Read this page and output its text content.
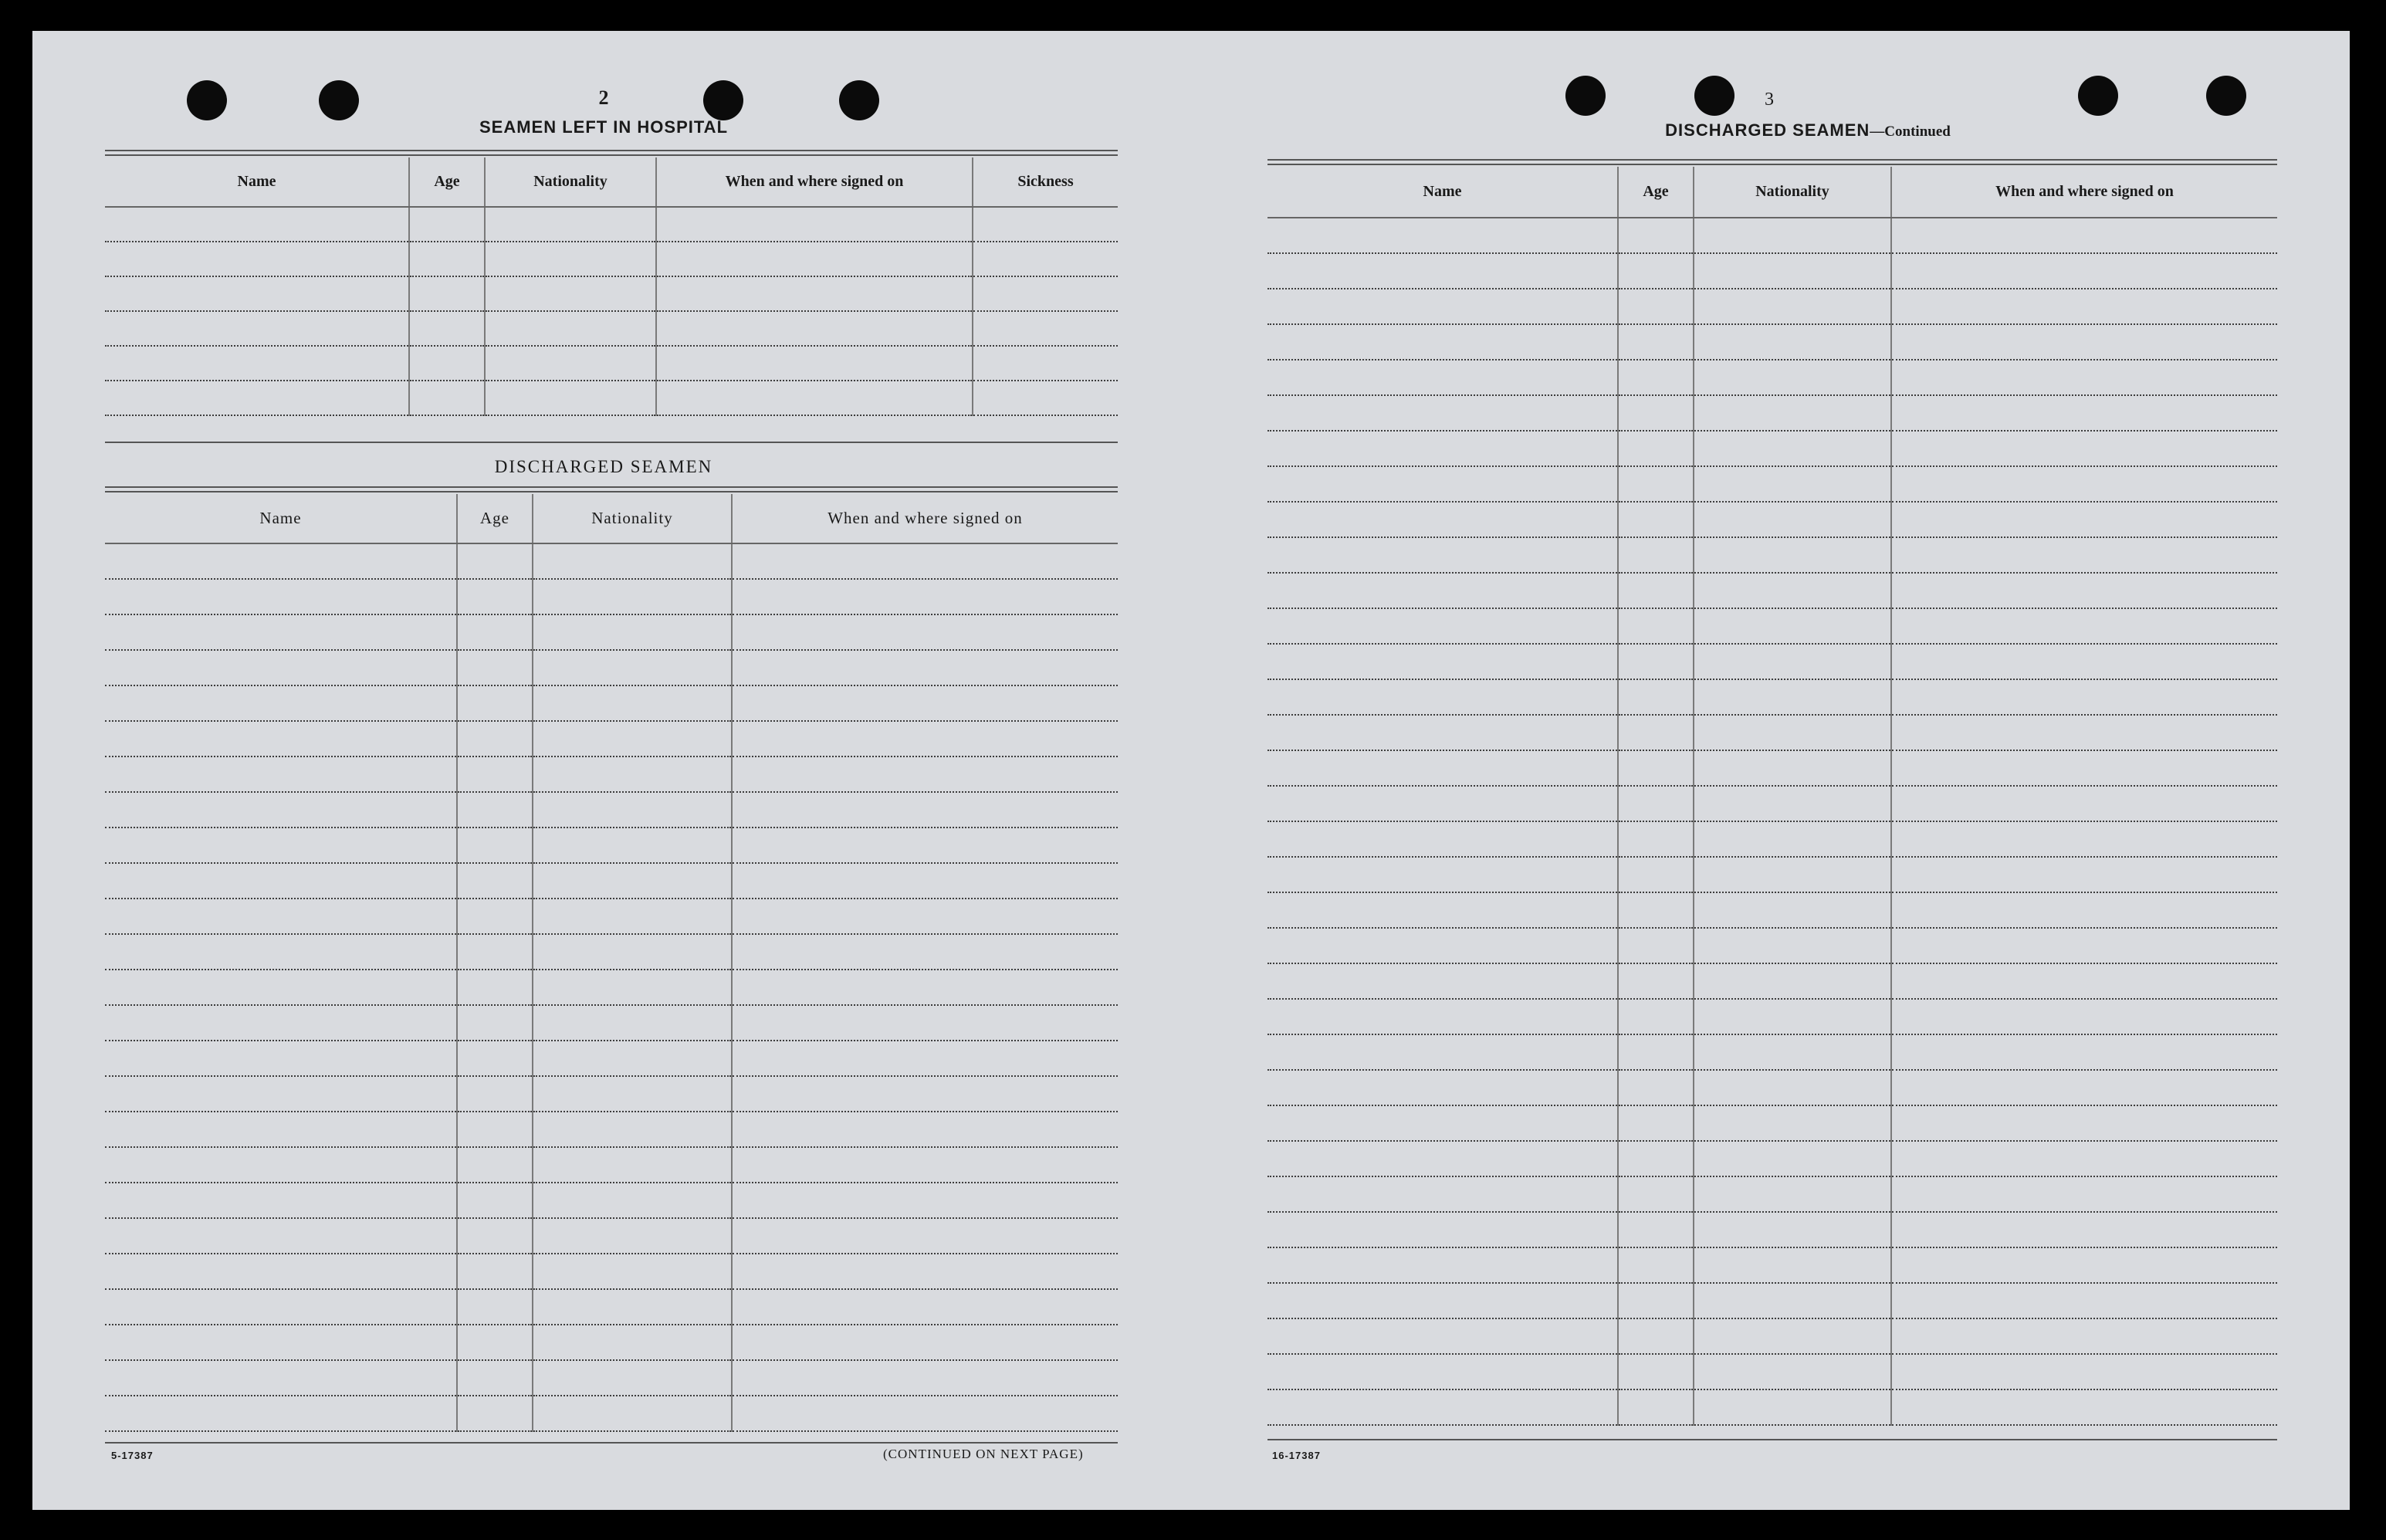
2
SEAMEN LEFT IN HOSPITAL
Name	Age	Nationality	When and where signed on	Sickness

DISCHARGED SEAMEN
Name	Age	Nationality	When and where signed on

5-17387	(CONTINUED ON NEXT PAGE)
3
DISCHARGED SEAMEN—Continued
Name	Age	Nationality	When and where signed on

16-17387
